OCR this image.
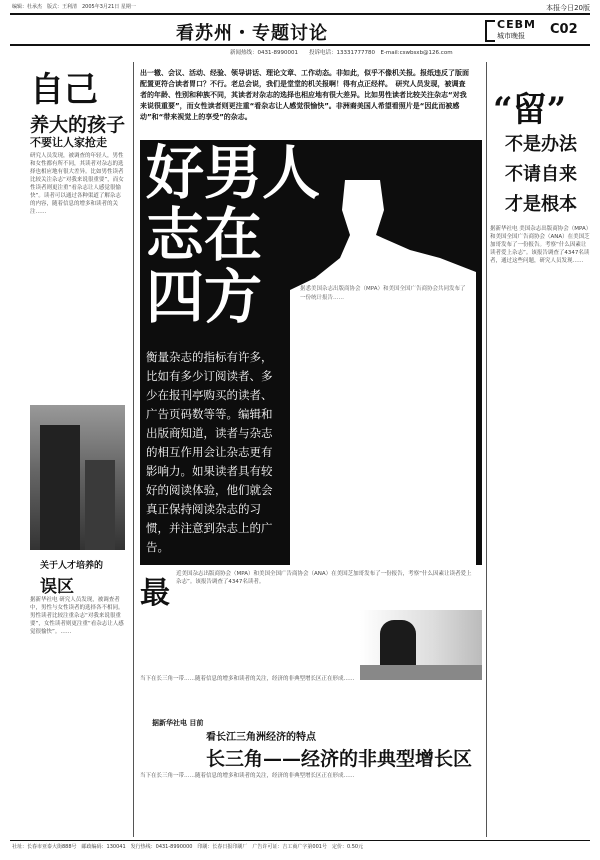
编辑：杜承杰　版式：王利清　2005年3月21日 星期一	本报今日20版
看苏州・专题讨论	CEBM
城市晚报 C02
新闻热线：0431-8990001　　投诉电话：13331777780　E-mail:cswbsxb@126.com
自己
养大的孩子
不要让人家抢走
研究人员发现，被调查的年轻人，男性和女性都有所不同，其读者对杂志的选择也相应地有很大差异。比如男性读者比较关注杂志“对我来说很重要”，而女性读者则更注重“看杂志让人感觉很愉快”。读者可以通过各种渠道了解杂志的内容，随着信息的增多和读者的关注……
关于人才培养的
误区
据新华社电 研究人员发现，被调查者中，男性与女性读者的选择各不相同。男性读者比较注重杂志“对我来说很重要”，女性读者则更注重“看杂志让人感觉很愉快”。……
出一辙、会议、活动、经验、领导讲话、理论文章、工作动态。非如此，似乎不像机关报。报纸违反了版面配置更符合读者胃口？不行。老总会说，我们是堂堂的机关报啊！得有点正经样。　研究人员发现，被调查者的年龄、性别和种族不同，其读者对杂志的选择也相应地有很大差异。比如男性读者比较关注杂志“对我来说很重要”，而女性读者则更注重“看杂志让人感觉很愉快”。非洲裔美国人希望看照片是“因此而被感动”和“带来视觉上的享受”的杂志。
好男人
志在
四方
衡量杂志的指标有许多，比如有多少订阅读者、多少在报刊亭购买的读者、广告页码数等等。编辑和出版商知道，读者与杂志的相互作用会让杂志更有影响力。如果读者具有较好的阅读体验，他们就会真正保持阅读杂志的习惯，并注意到杂志上的广告。
据悉美国杂志出版商协会（MPA）和美国全国广告商协会共同发布了一份统计报告……
“留”
不是办法
不请自来
才是根本
据新华社电 美国杂志出版商协会（MPA）和美国全国广告商协会（ANA）在美国芝加哥发布了一份报告。考察“什么因素让读者爱上杂志”。该报告调查了4347名读者，通过这些问题，研究人员发现……
最
近美国杂志出版商协会（MPA）和美国全国广告商协会（ANA）在美国芝加哥发布了一份报告，考察“什么因素让读者爱上杂志”。该报告调查了4347名读者。
当下在长三角一带……随着信息的增多和读者的关注，经济的非典型增长区正在形成……
据新华社电 目前
看长江三角洲经济的特点
长三角——经济的非典型增长区
当下在长三角一带……随着信息的增多和读者的关注，经济的非典型增长区正在形成……
社址：长春市亚泰大街888号　邮政编码：130041　发行热线：0431-8990000　印刷：长春日报印刷厂　广告许可证：吉工商广字第001号　定价：0.50元
